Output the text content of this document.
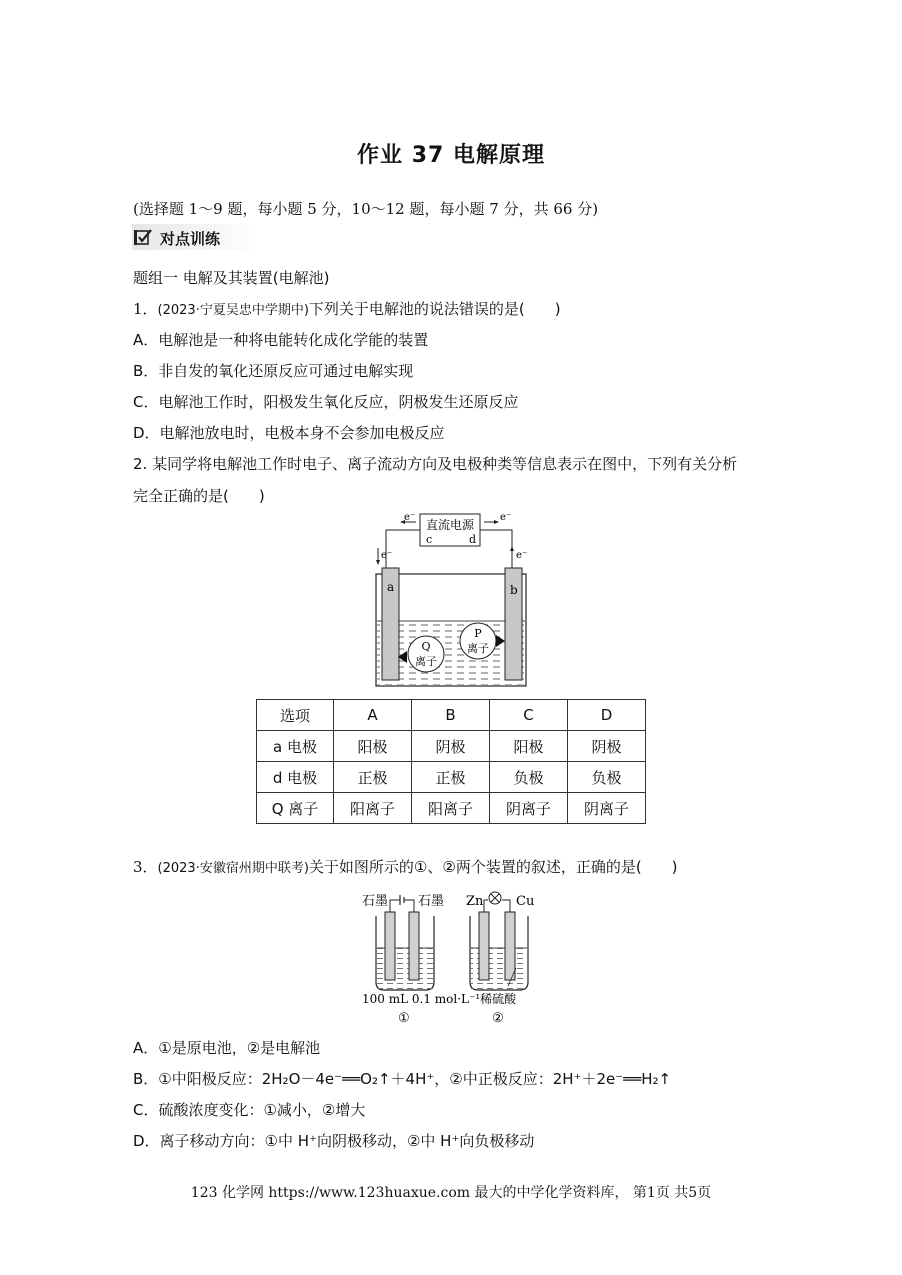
作业 37 电解原理
(选择题 1～9 题，每小题 5 分，10～12 题，每小题 7 分，共 66 分)
对点训练
题组一 电解及其装置(电解池)
1．(2023·宁夏吴忠中学期中)下列关于电解池的说法错误的是(　　)
A．电解池是一种将电能转化成化学能的装置
B．非自发的氧化还原反应可通过电解实现
C．电解池工作时，阳极发生氧化反应，阴极发生还原反应
D．电解池放电时，电极本身不会参加电极反应
2. 某同学将电解池工作时电子、离子流动方向及电极种类等信息表示在图中，下列有关分析
完全正确的是(　　)
直流电源
c	d
e⁻	e⁻
e⁻	e⁻
a	b
Q
离子
P
离子
选项	A	B	C	D
a 电极	阳极	阴极	阳极	阴极
d 电极	正极	正极	负极	负极
Q 离子	阳离子	阳离子	阴离子	阴离子
3．(2023·安徽宿州期中联考)关于如图所示的①、②两个装置的叙述，正确的是(　　)
石墨 石墨 Zn	Cu
100 mL 0.1 mol·L⁻¹稀硫酸
①	②
A．①是原电池，②是电解池
B．①中阳极反应：2H₂O－4e⁻══O₂↑＋4H⁺，②中正极反应：2H⁺＋2e⁻══H₂↑
C．硫酸浓度变化：①减小，②增大
D．离子移动方向：①中 H⁺向阴极移动，②中 H⁺向负极移动
123 化学网 https://www.123huaxue.com 最大的中学化学资料库， 第1页 共5页
